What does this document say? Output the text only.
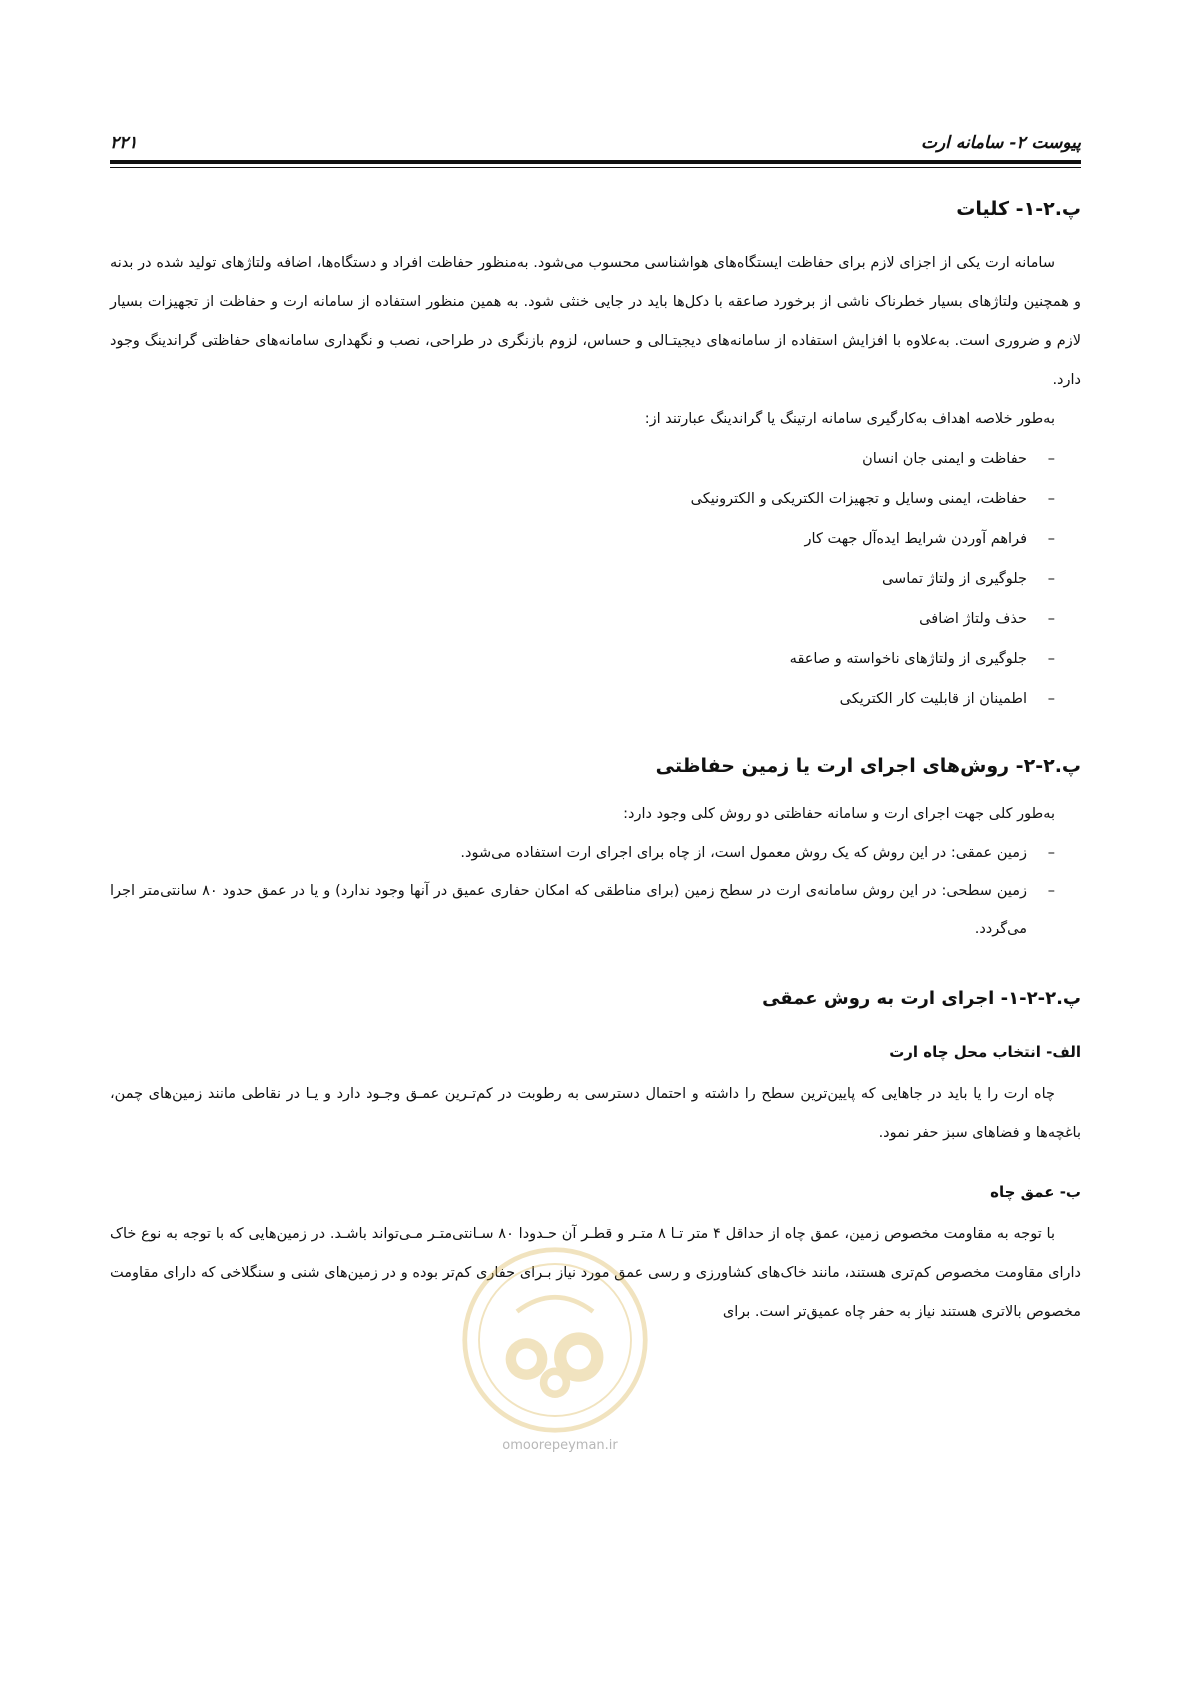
پیوست ۲- سامانه ارت
۲۲۱
پ.۲-۱- کلیات

سامانه ارت یکی از اجزای لازم برای حفاظت ایستگاه‌های هواشناسی محسوب می‌شود. به‌منظور حفاظت افراد و دستگاه‌ها، اضافه ولتاژهای تولید شده در بدنه و همچنین ولتاژهای بسیار خطرناک ناشی از برخورد صاعقه با دکل‌ها باید در جایی خنثی شود. به همین منظور استفاده از سامانه ارت و حفاظت از تجهیزات بسیار لازم و ضروری است. به‌علاوه با افزایش استفاده از سامانه‌های دیجیتـالی و حساس، لزوم بازنگری در طراحی، نصب و نگهداری سامانه‌های حفاظتی گراندینگ وجود دارد.

به‌طور خلاصه اهداف به‌کارگیری سامانه ارتینگ یا گراندینگ عبارتند از:

–
حفاظت و ایمنی جان انسان
–
حفاظت، ایمنی وسایل و تجهیزات الکتریکی و الکترونیکی
–
فراهم آوردن شرایط ایده‌آل جهت کار
–
جلوگیری از ولتاژ تماسی
–
حذف ولتاژ اضافی
–
جلوگیری از ولتاژهای ناخواسته و صاعقه
–
اطمینان از قابلیت کار الکتریکی
پ.۲-۲- روش‌های اجرای ارت یا زمین حفاظتی

به‌طور کلی جهت اجرای ارت و سامانه حفاظتی دو روش کلی وجود دارد:

–
زمین عمقی: در این روش که یک روش معمول است، از چاه برای اجرای ارت استفاده می‌شود.
–
زمین سطحی: در این روش سامانه‌ی ارت در سطح زمین (برای مناطقی که امکان حفاری عمیق در آنها وجود ندارد) و یا در عمق حدود ۸۰ سانتی‌متر اجرا می‌گردد.
پ.۲-۲-۱- اجرای ارت به روش عمقی
الف- انتخاب محل چاه ارت

چاه ارت را یا باید در جاهایی که پایین‌ترین سطح را داشته و احتمال دسترسی به رطوبت در کم‌تـرین عمـق وجـود دارد و یـا در نقاطی مانند زمین‌های چمن، باغچه‌ها و فضاهای سبز حفر نمود.

ب- عمق چاه

با توجه به مقاومت مخصوص زمین، عمق چاه از حداقل ۴ متر تـا ۸ متـر و قطـر آن حـدودا ۸۰ سـانتی‌متـر مـی‌تواند باشـد. در زمین‌هایی که با توجه به نوع خاک دارای مقاومت مخصوص کم‌تری هستند، مانند خاک‌های کشاورزی و رسی عمق مورد نیاز بـرای حفاری کم‌تر بوده و در زمین‌های شنی و سنگلاخی که دارای مقاومت مخصوص بالاتری هستند نیاز به حفر چاه عمیق‌تر است. برای

omoorepeyman.ir
